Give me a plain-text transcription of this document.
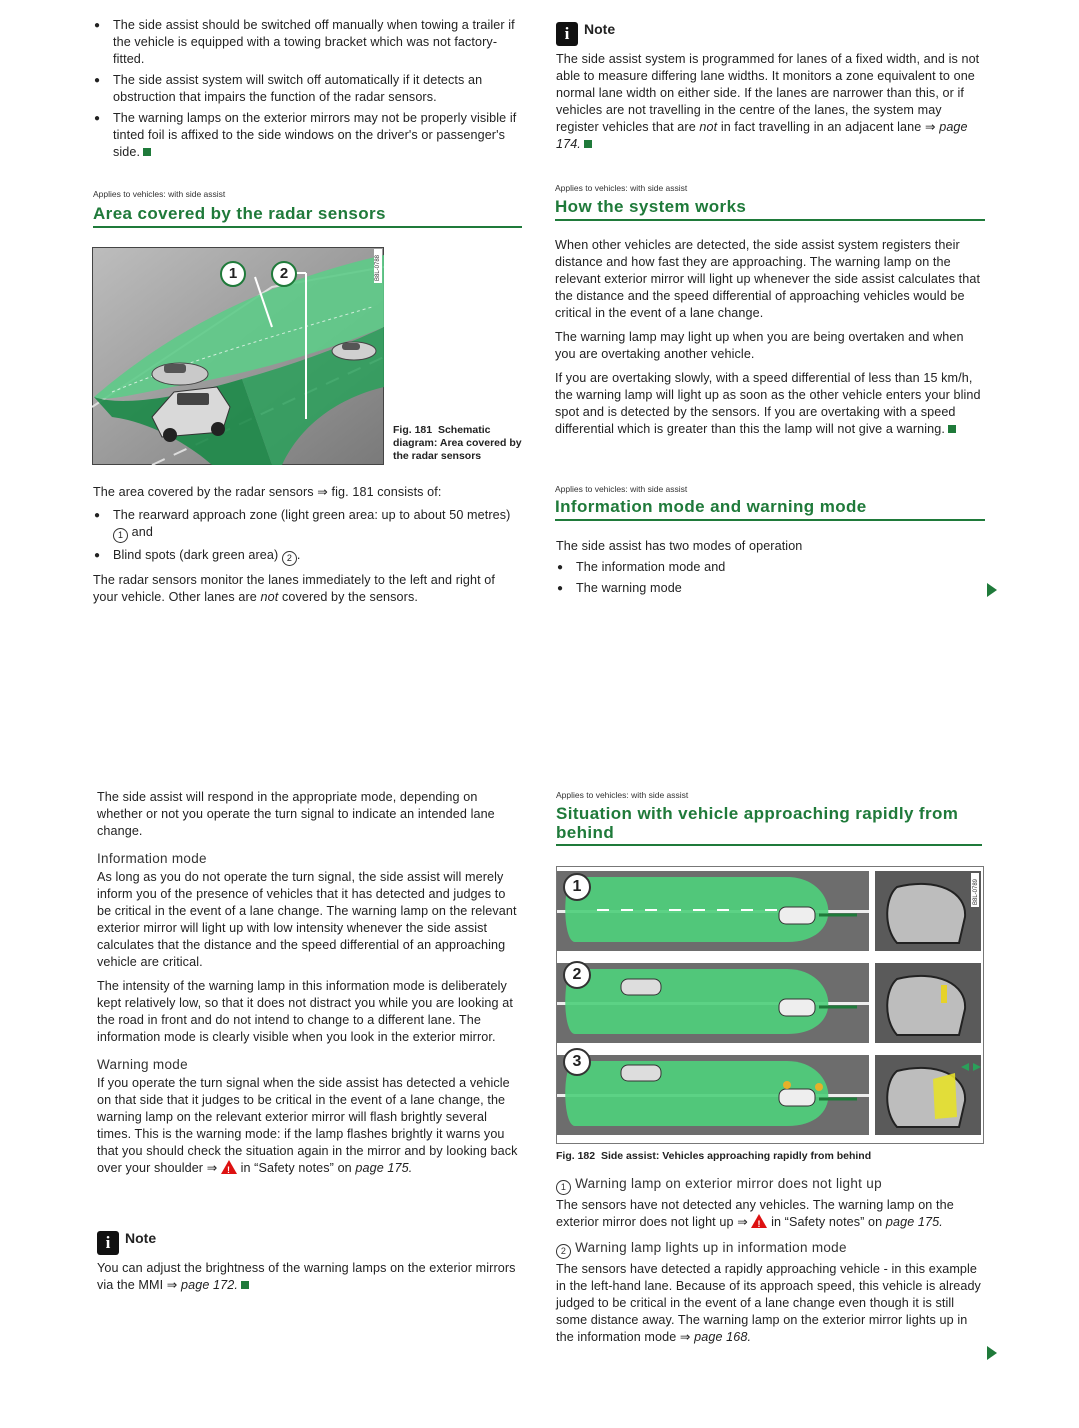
● The side assist should be switched off manually when towing a trailer if the vehicle is equipped with a towing bracket which was not factory-fitted.

● The side assist system will switch off automatically if it detects an obstruction that impairs the function of the radar sensors.

● The warning lamps on the exterior mirrors may not be properly visible if tinted foil is affixed to the side windows on the driver's or passenger's side.

Applies to vehicles: with side assist
Area covered by the radar sensors
B8L-0788
1	2
Fig. 181 Schematic diagram: Area covered by the radar sensors

The area covered by the radar sensors ⇒ fig. 181 consists of:

● The rearward approach zone (light green area: up to about 50 metres) 1 and

● Blind spots (dark green area) 2 .

The radar sensors monitor the lanes immediately to the left and right of your vehicle. Other lanes are not covered by the sensors.

i Note
The side assist system is programmed for lanes of a fixed width, and is not able to measure differing lane widths. It monitors a zone equivalent to one normal lane width on either side. If the lanes are narrower than this, or if vehicles are not travelling in the centre of the lanes, the system may register vehicles that are not in fact travelling in an adjacent lane ⇒ page 174.
Applies to vehicles: with side assist
How the system works

When other vehicles are detected, the side assist system registers their distance and how fast they are approaching. The warning lamp on the relevant exterior mirror will light up whenever the side assist calculates that the distance and the speed differential of approaching vehicles would be critical in the event of a lane change.

The warning lamp may light up when you are being overtaken and when you are overtaking another vehicle.

If you are overtaking slowly, with a speed differential of less than 15 km/h, the warning lamp will light up as soon as the other vehicle enters your blind spot and is detected by the sensors. If you are overtaking with a speed differential which is greater than this the lamp will not give a warning.

Applies to vehicles: with side assist
Information mode and warning mode

The side assist has two modes of operation

● The information mode and

● The warning mode

The side assist will respond in the appropriate mode, depending on whether or not you operate the turn signal to indicate an intended lane change.

Information mode

As long as you do not operate the turn signal, the side assist will merely inform you of the presence of vehicles that it has detected and judges to be critical in the event of a lane change. The warning lamp on the relevant exterior mirror will light up with low intensity whenever the side assist calculates that the distance and the speed differential of an approaching vehicle are critical.

The intensity of the warning lamp in this information mode is deliberately kept relatively low, so that it does not distract you while you are looking at the road in front and do not intend to change to a different lane. The information mode is clearly visible when you look in the exterior mirror.

Warning mode

If you operate the turn signal when the side assist has detected a vehicle on that side that it judges to be critical in the event of a lane change, the warning lamp on the relevant exterior mirror will flash brightly several times. This is the warning mode: if the lamp flashes brightly it warns you that you should check the situation again in the mirror and by looking back over your shoulder ⇒ ! in “Safety notes” on page 175.

i Note
You can adjust the brightness of the warning lamps on the exterior mirrors via the MMI ⇒ page 172.
Applies to vehicles: with side assist
Situation with vehicle approaching rapidly from behind
B8L-0789
1
2
3
Fig. 182 Side assist: Vehicles approaching rapidly from behind

1 Warning lamp on exterior mirror does not light up

The sensors have not detected any vehicles. The warning lamp on the exterior mirror does not light up ⇒ ! in “Safety notes” on page 175.

2 Warning lamp lights up in information mode

The sensors have detected a rapidly approaching vehicle - in this example in the left-hand lane. Because of its approach speed, this vehicle is already judged to be critical in the event of a lane change even though it is still some distance away. The warning lamp on the exterior mirror lights up in the information mode ⇒ page 168.
